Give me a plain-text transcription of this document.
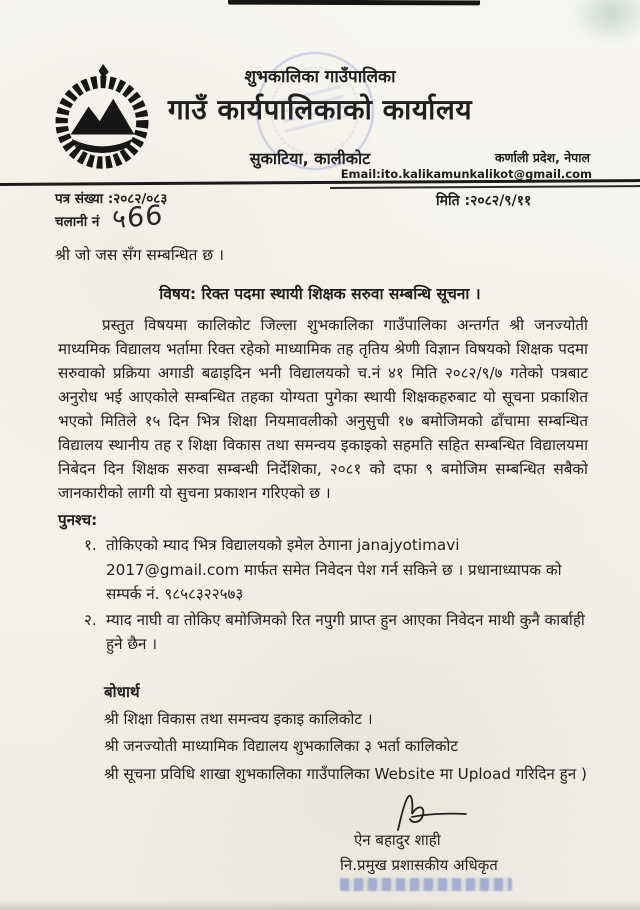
शुभकालिका गाउँपालिका
गाउँ कार्यपालिकाको कार्यालय
सुकाटिया, कालीकोट	कर्णाली प्रदेश, नेपाल
Email:ito.kalikamunkalikot@gmail.com
पत्र संख्या :२०८२/०८३	मिति :२०८२/९/११
चलानी नं ५66
श्री जो जस सँग सम्बन्धित छ ।
विषय: रिक्त पदमा स्थायी शिक्षक सरुवा सम्बन्धि सूचना ।

प्रस्तुत विषयमा कालिकोट जिल्ला शुभकालिका गाउँपालिका अन्तर्गत श्री जनज्योती माध्यमिक विद्यालय भर्तामा रिक्त रहेको माध्यामिक तह तृतिय श्रेणी विज्ञान विषयको शिक्षक पदमा सरुवाको प्रक्रिया अगाडी बढाइदिन भनी विद्यालयको च.नं ४१ मिति २०८२/९/७ गतेको पत्रबाट अनुरोध भई आएकोले सम्बन्धित तहका योग्यता पुगेका स्थायी शिक्षकहरुबाट यो सूचना प्रकाशित भएको मितिले १५ दिन भित्र शिक्षा नियमावलीको अनुसुची १७ बमोजिमको ढाँचामा सम्बन्धित विद्यालय स्थानीय तह र शिक्षा विकास तथा समन्वय इकाइको सहमति सहित सम्बन्धित विद्यालयमा निबेदन दिन शिक्षक सरुवा सम्बन्धी निर्देशिका, २०८१ को दफा ९ बमोजिम सम्बन्धित सबैको जानकारीको लागी यो सुचना प्रकाशन गरिएको छ ।

पुनश्च:
१. तोकिएको म्याद भित्र विद्यालयको इमेल ठेगाना janajyotimavi 2017@gmail.com मार्फत समेत निवेदन पेश गर्न सकिने छ । प्रधानाध्यापक को सम्पर्क नं. ९८५८३२२५७३
२. म्याद नाघी वा तोकिए बमोजिमको रित नपुगी प्राप्त हुन आएका निवेदन माथी कुनै कार्बाही हुने छैन ।
बोधार्थ
श्री शिक्षा विकास तथा समन्वय इकाइ कालिकोट ।
श्री जनज्योती माध्यामिक विद्यालय शुभकालिका ३ भर्ता कालिकोट
श्री सूचना प्रविधि शाखा शुभकालिका गाउँपालिका Website मा Upload गरिदिन हुन )
ऐन बहादुर शाही
नि.प्रमुख प्रशासकीय अधिकृत
